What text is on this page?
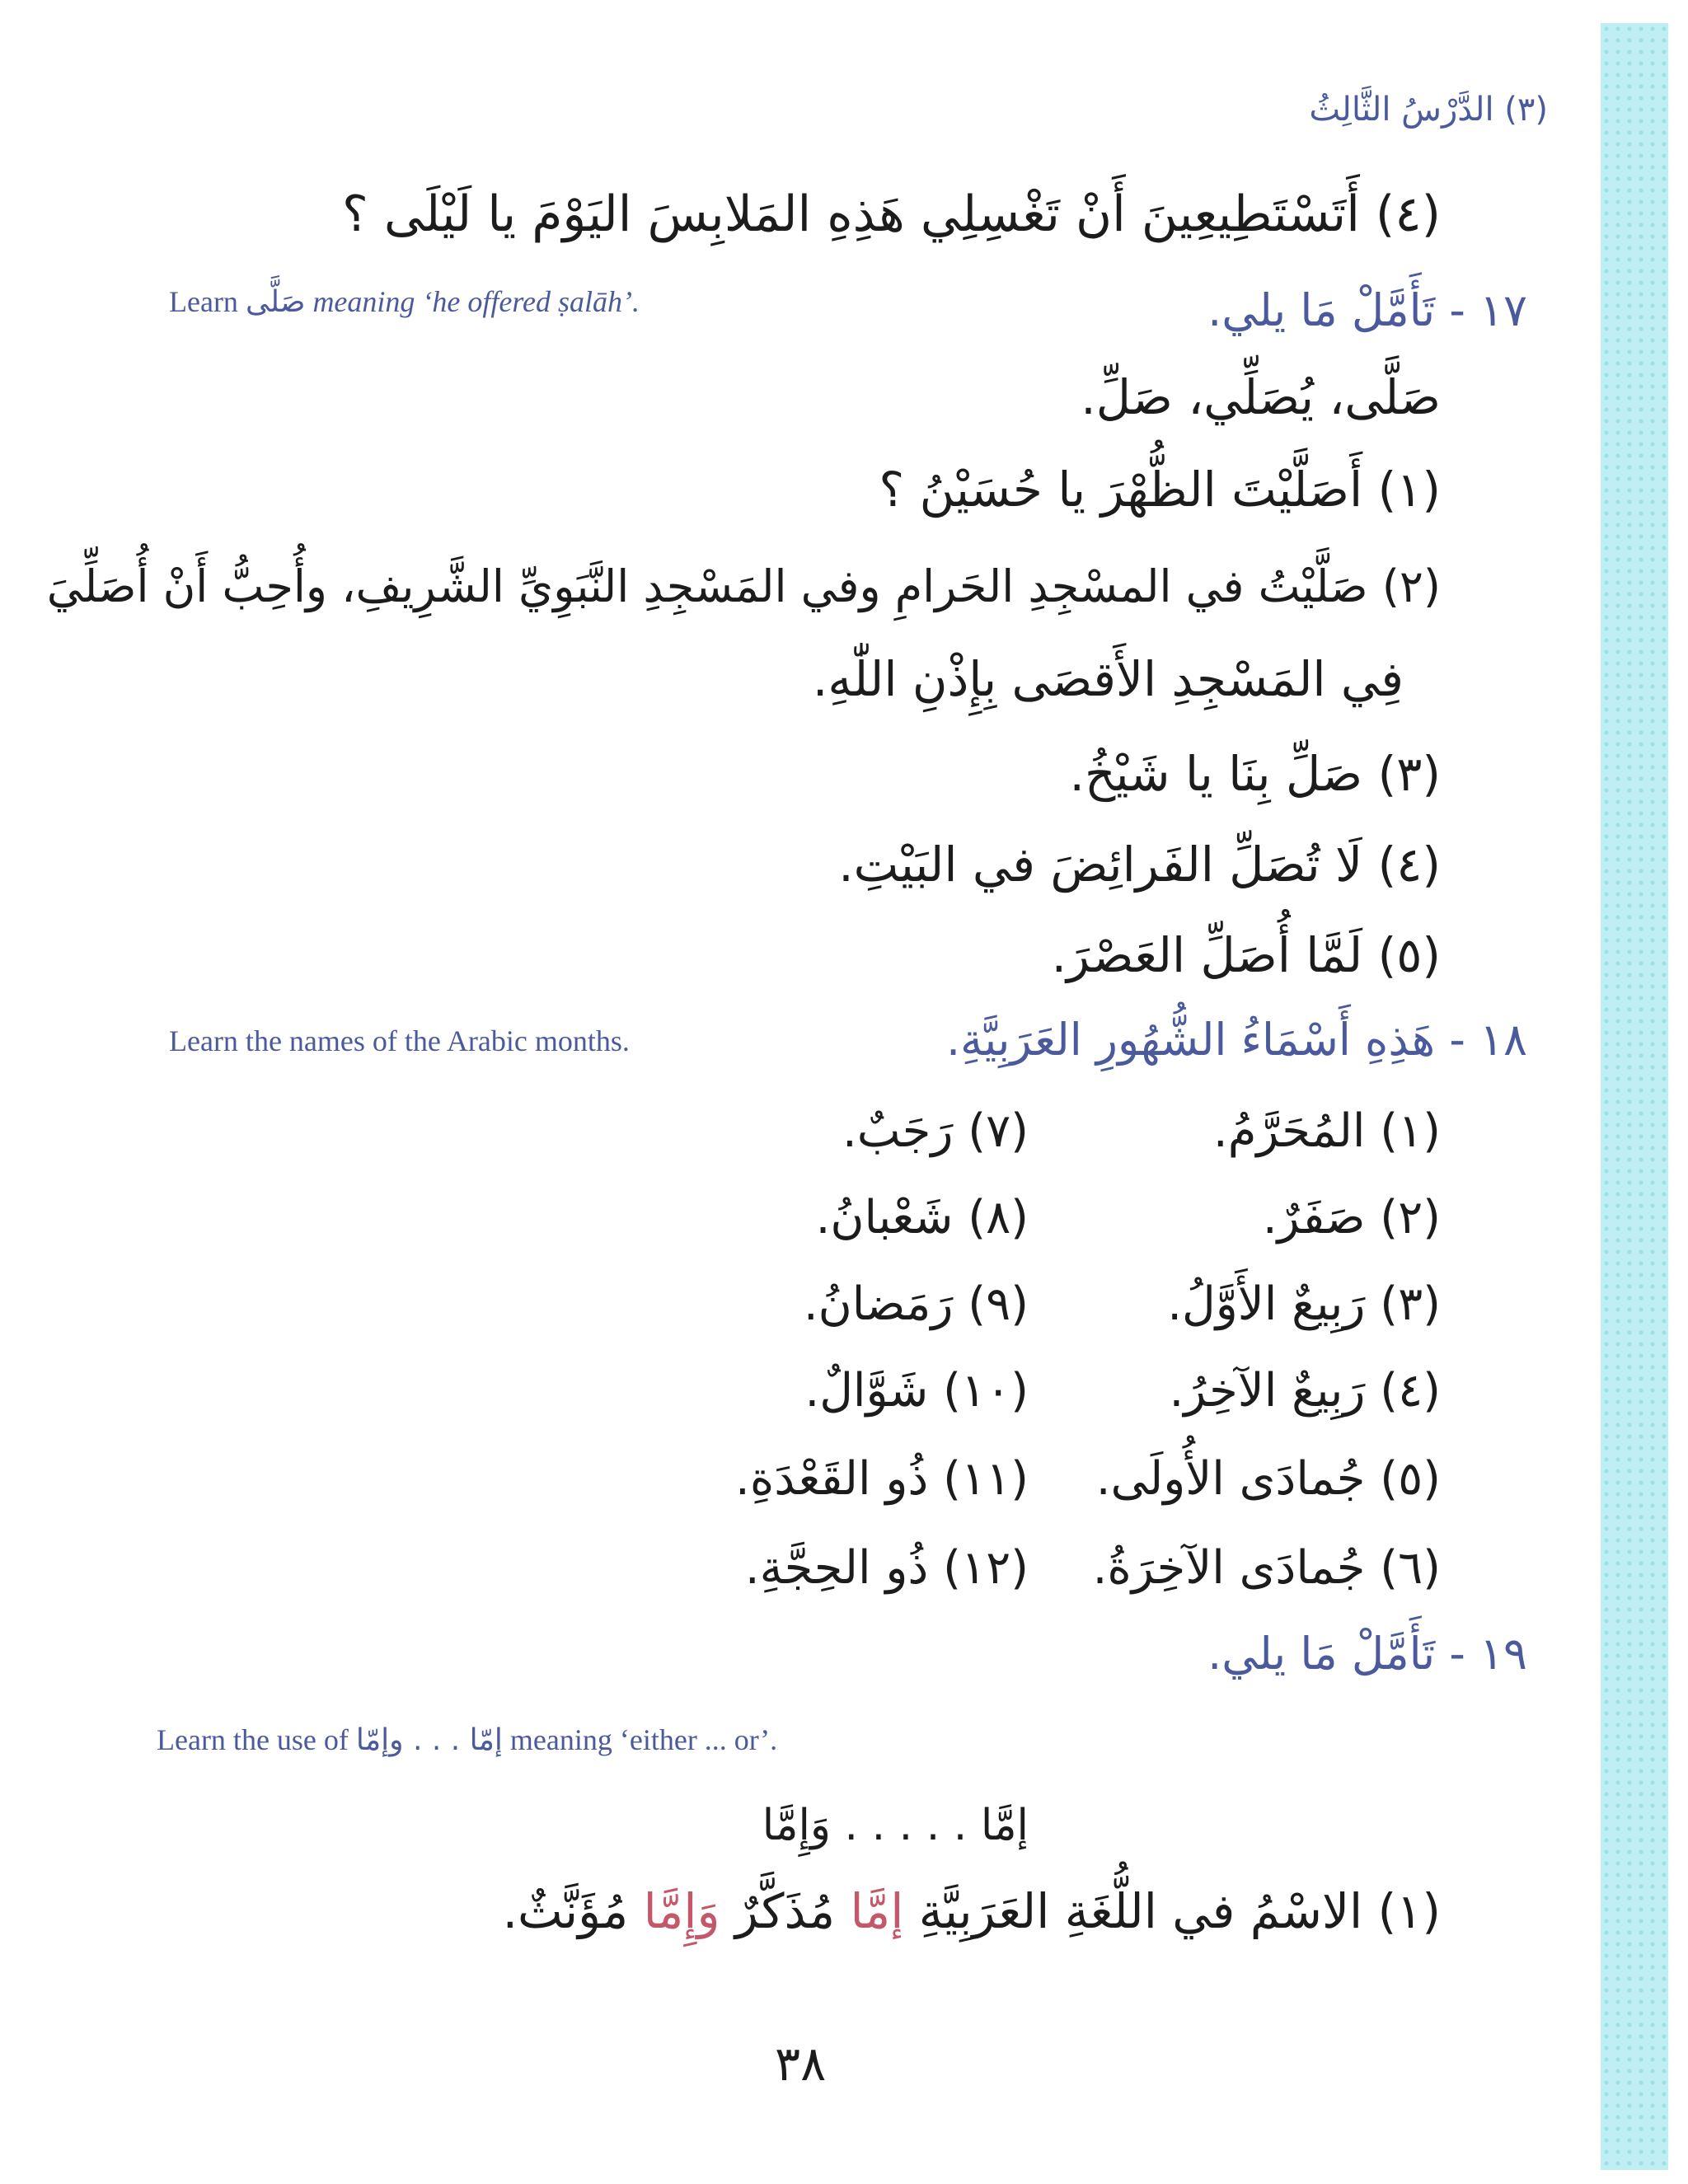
(٣) الدَّرْسُ الثَّالِثُ
(٤) أَتَسْتَطِيعِينَ أَنْ تَغْسِلِي هَذِهِ المَلابِسَ اليَوْمَ يا لَيْلَى ؟
١٧ - تَأَمَّلْ مَا يلي.
Learn صَلَّى meaning ‘he offered ṣalāh’.
صَلَّى، يُصَلِّي، صَلِّ.
(١) أَصَلَّيْتَ الظُّهْرَ يا حُسَيْنُ ؟
(٢) صَلَّيْتُ في المسْجِدِ الحَرامِ وفي المَسْجِدِ النَّبَوِيِّ الشَّرِيفِ، وأُحِبُّ أَنْ أُصَلِّيَ
فِي المَسْجِدِ الأَقصَى بِإِذْنِ اللّٰهِ.
(٣) صَلِّ بِنَا يا شَيْخُ.
(٤) لَا تُصَلِّ الفَرائِضَ في البَيْتِ.
(٥) لَمَّا أُصَلِّ العَصْرَ.
١٨ - هَذِهِ أَسْمَاءُ الشُّهُورِ العَرَبِيَّةِ.
Learn the names of the Arabic months.
(١) المُحَرَّمُ.
(٧) رَجَبٌ.
(٢) صَفَرٌ.
(٨) شَعْبانُ.
(٣) رَبِيعٌ الأَوَّلُ.
(٩) رَمَضانُ.
(٤) رَبِيعٌ الآخِرُ.
(١٠) شَوَّالٌ.
(٥) جُمادَى الأُولَى.
(١١) ذُو القَعْدَةِ.
(٦) جُمادَى الآخِرَةُ.
(١٢) ذُو الحِجَّةِ.
١٩ - تَأَمَّلْ مَا يلي.
Learn the use of إمّا . . . وإمّا meaning ‘either ... or’.
إمَّا . . . . . وَإِمَّا
(١) الاسْمُ في اللُّغَةِ العَرَبِيَّةِ إمَّا مُذَكَّرٌ وَإِمَّا مُؤَنَّثٌ.
٣٨
